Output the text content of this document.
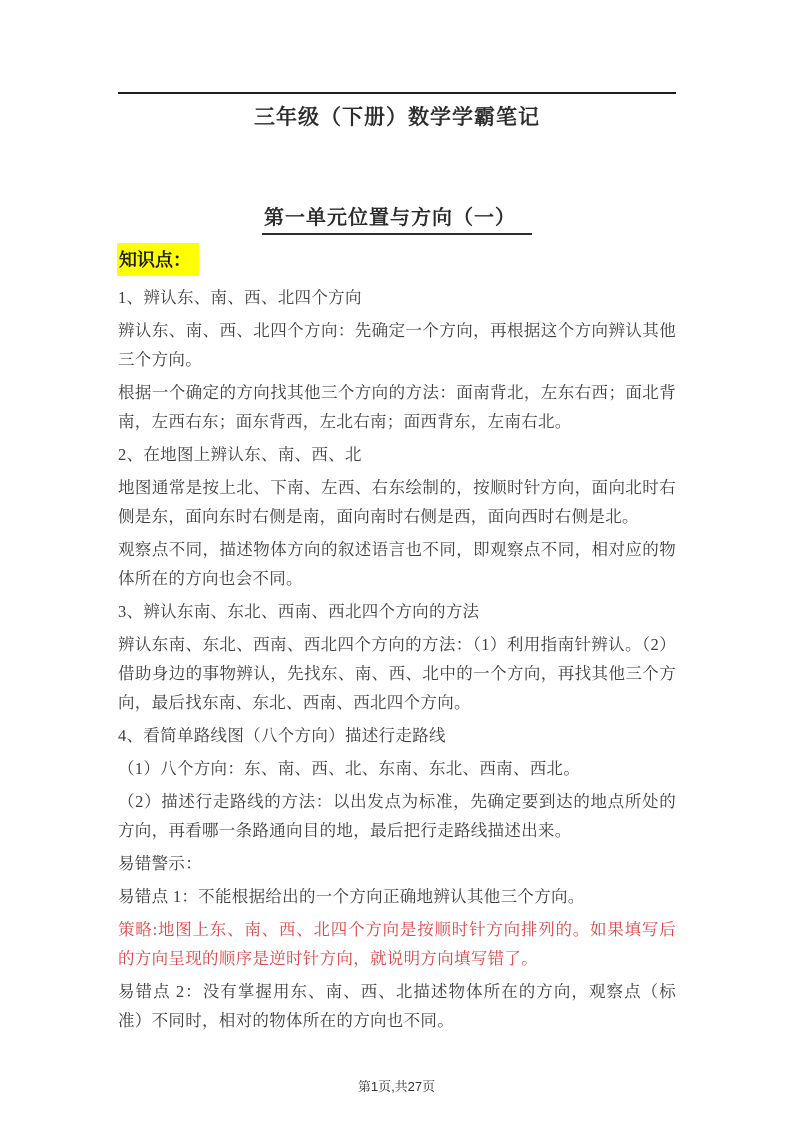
三年级（下册）数学学霸笔记
第一单元位置与方向（一）
知识点：
1、辨认东、南、西、北四个方向
辨认东、南、西、北四个方向：先确定一个方向，再根据这个方向辨认其他三个方向。
根据一个确定的方向找其他三个方向的方法：面南背北，左东右西；面北背南，左西右东；面东背西，左北右南；面西背东，左南右北。
2、在地图上辨认东、南、西、北
地图通常是按上北、下南、左西、右东绘制的，按顺时针方向，面向北时右侧是东，面向东时右侧是南，面向南时右侧是西，面向西时右侧是北。
观察点不同，描述物体方向的叙述语言也不同，即观察点不同，相对应的物体所在的方向也会不同。
3、辨认东南、东北、西南、西北四个方向的方法
辨认东南、东北、西南、西北四个方向的方法：（1）利用指南针辨认。（2）借助身边的事物辨认，先找东、南、西、北中的一个方向，再找其他三个方向，最后找东南、东北、西南、西北四个方向。
4、看简单路线图（八个方向）描述行走路线
（1）八个方向：东、南、西、北、东南、东北、西南、西北。
（2）描述行走路线的方法：以出发点为标准，先确定要到达的地点所处的方向，再看哪一条路通向目的地，最后把行走路线描述出来。
易错警示：
易错点 1：不能根据给出的一个方向正确地辨认其他三个方向。
策略:地图上东、南、西、北四个方向是按顺时针方向排列的。如果填写后的方向呈现的顺序是逆时针方向，就说明方向填写错了。
易错点 2：没有掌握用东、南、西、北描述物体所在的方向，观察点（标准）不同时，相对的物体所在的方向也不同。
第1页,共27页
